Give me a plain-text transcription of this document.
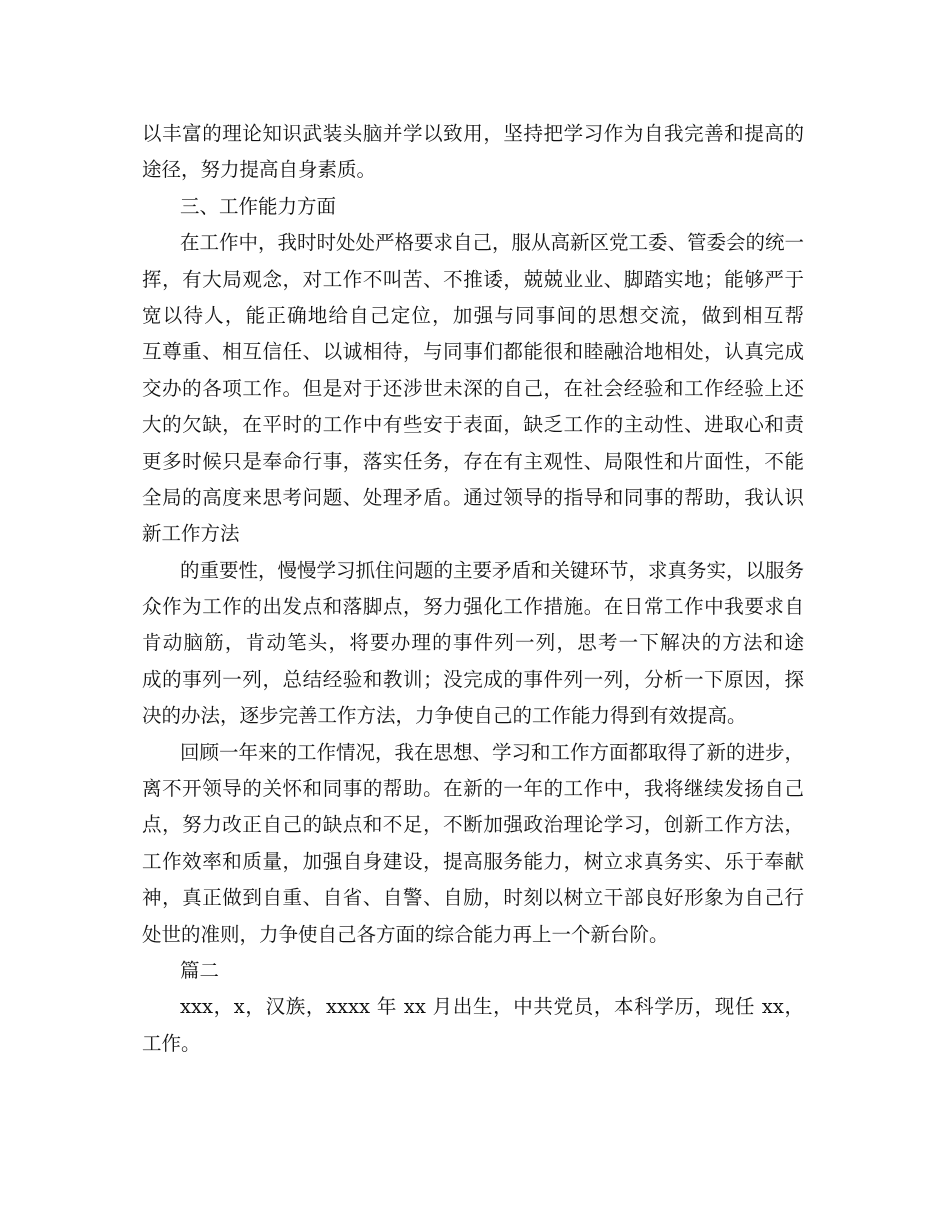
以丰富的理论知识武装头脑并学以致用，坚持把学习作为自我完善和提高的
途径，努力提高自身素质。
三、工作能力方面
在工作中，我时时处处严格要求自己，服从高新区党工委、管委会的统一
挥，有大局观念，对工作不叫苦、不推诿，兢兢业业、脚踏实地；能够严于
宽以待人，能正确地给自己定位，加强与同事间的思想交流，做到相互帮
互尊重、相互信任、以诚相待，与同事们都能很和睦融洽地相处，认真完成
交办的各项工作。但是对于还涉世未深的自己，在社会经验和工作经验上还
大的欠缺，在平时的工作中有些安于表面，缺乏工作的主动性、进取心和责
更多时候只是奉命行事，落实任务，存在有主观性、局限性和片面性，不能
全局的高度来思考问题、处理矛盾。通过领导的指导和同事的帮助，我认识
新工作方法
的重要性，慢慢学习抓住问题的主要矛盾和关键环节，求真务实，以服务
众作为工作的出发点和落脚点，努力强化工作措施。在日常工作中我要求自
肯动脑筋，肯动笔头，将要办理的事件列一列，思考一下解决的方法和途
成的事列一列，总结经验和教训；没完成的事件列一列，分析一下原因，探
决的办法，逐步完善工作方法，力争使自己的工作能力得到有效提高。
回顾一年来的工作情况，我在思想、学习和工作方面都取得了新的进步，
离不开领导的关怀和同事的帮助。在新的一年的工作中，我将继续发扬自己
点，努力改正自己的缺点和不足，不断加强政治理论学习，创新工作方法，
工作效率和质量，加强自身建设，提高服务能力，树立求真务实、乐于奉献
神，真正做到自重、自省、自警、自励，时刻以树立干部良好形象为自己行
处世的准则，力争使自己各方面的综合能力再上一个新台阶。
篇二
xxx，x，汉族，xxxx 年 xx 月出生，中共党员，本科学历，现任 xx，
工作。
